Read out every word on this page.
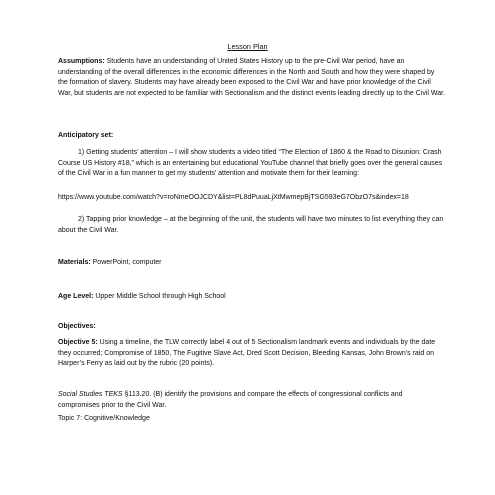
Lesson Plan
Assumptions: Students have an understanding of United States History up to the pre-Civil War period, have an understanding of the overall differences in the economic differences in the North and South and how they were shaped by the formation of slavery. Students may have already been exposed to the Civil War and have prior knowledge of the Civil War, but students are not expected to be familiar with Sectionalism and the distinct events leading directly up to the Civil War.
Anticipatory set:
1) Getting students’ attention – I will show students a video titled “The Election of 1860 & the Road to Disunion: Crash Course US History #18,” which is an entertaining but educational YouTube channel that briefly goes over the general causes of the Civil War in a fun manner to get my students’ attention and motivate them for their learning:
https://www.youtube.com/watch?v=roNmeOOJCDY&list=PL8dPuuaLjXtMwmepBjTSG593eG7ObzO7s&index=18
2) Tapping prior knowledge – at the beginning of the unit, the students will have two minutes to list everything they can about the Civil War.
Materials: PowerPoint, computer
Age Level: Upper Middle School through High School
Objectives:
Objective 5: Using a timeline, the TLW correctly label 4 out of 5 Sectionalism landmark events and individuals by the date they occurred; Compromise of 1850, The Fugitive Slave Act, Dred Scott Decision, Bleeding Kansas, John Brown’s raid on Harper’s Ferry as laid out by the rubric (20 points).
Social Studies TEKS §113.20. (B) identify the provisions and compare the effects of congressional conflicts and compromises prior to the Civil War.
Topic 7: Cognitive/Knowledge
